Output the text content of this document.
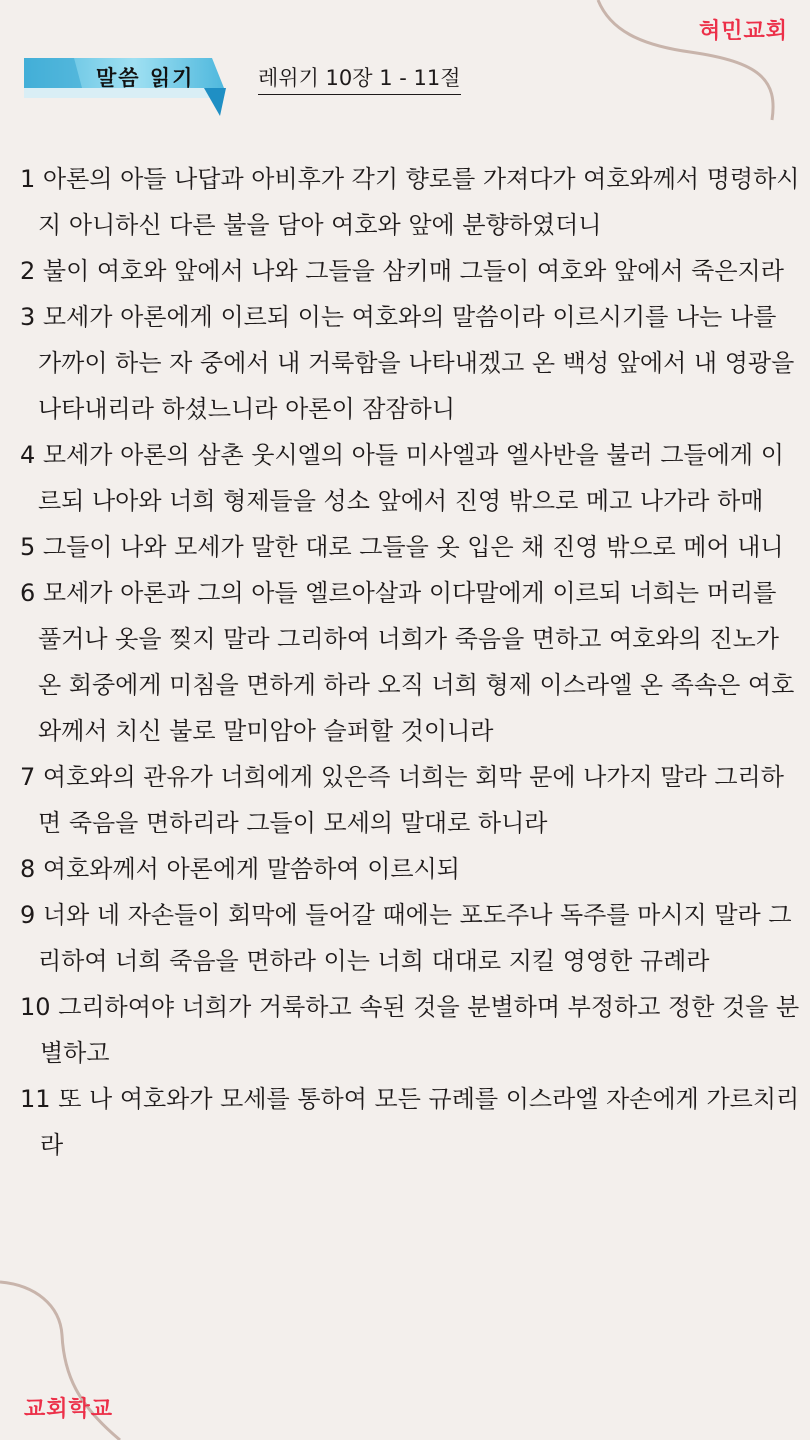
혀민교회
말씀 읽기	레위기 10장 1 - 11절
1 아론의 아들 나답과 아비후가 각기 향로를 가져다가 여호와께서 명령하시지 아니하신 다른 불을 담아 여호와 앞에 분향하였더니
2 불이 여호와 앞에서 나와 그들을 삼키매 그들이 여호와 앞에서 죽은지라
3 모세가 아론에게 이르되 이는 여호와의 말씀이라 이르시기를 나는 나를 가까이 하는 자 중에서 내 거룩함을 나타내겠고 온 백성 앞에서 내 영광을 나타내리라 하셨느니라 아론이 잠잠하니
4 모세가 아론의 삼촌 웃시엘의 아들 미사엘과 엘사반을 불러 그들에게 이르되 나아와 너희 형제들을 성소 앞에서 진영 밖으로 메고 나가라 하매
5 그들이 나와 모세가 말한 대로 그들을 옷 입은 채 진영 밖으로 메어 내니
6 모세가 아론과 그의 아들 엘르아살과 이다말에게 이르되 너희는 머리를 풀거나 옷을 찢지 말라 그리하여 너희가 죽음을 면하고 여호와의 진노가 온 회중에게 미침을 면하게 하라 오직 너희 형제 이스라엘 온 족속은 여호와께서 치신 불로 말미암아 슬퍼할 것이니라
7 여호와의 관유가 너희에게 있은즉 너희는 회막 문에 나가지 말라 그리하면 죽음을 면하리라 그들이 모세의 말대로 하니라
8 여호와께서 아론에게 말씀하여 이르시되
9 너와 네 자손들이 회막에 들어갈 때에는 포도주나 독주를 마시지 말라 그리하여 너희 죽음을 면하라 이는 너희 대대로 지킬 영영한 규례라
10 그리하여야 너희가 거룩하고 속된 것을 분별하며 부정하고 정한 것을 분별하고
11 또 나 여호와가 모세를 통하여 모든 규례를 이스라엘 자손에게 가르치리라
교회학교
